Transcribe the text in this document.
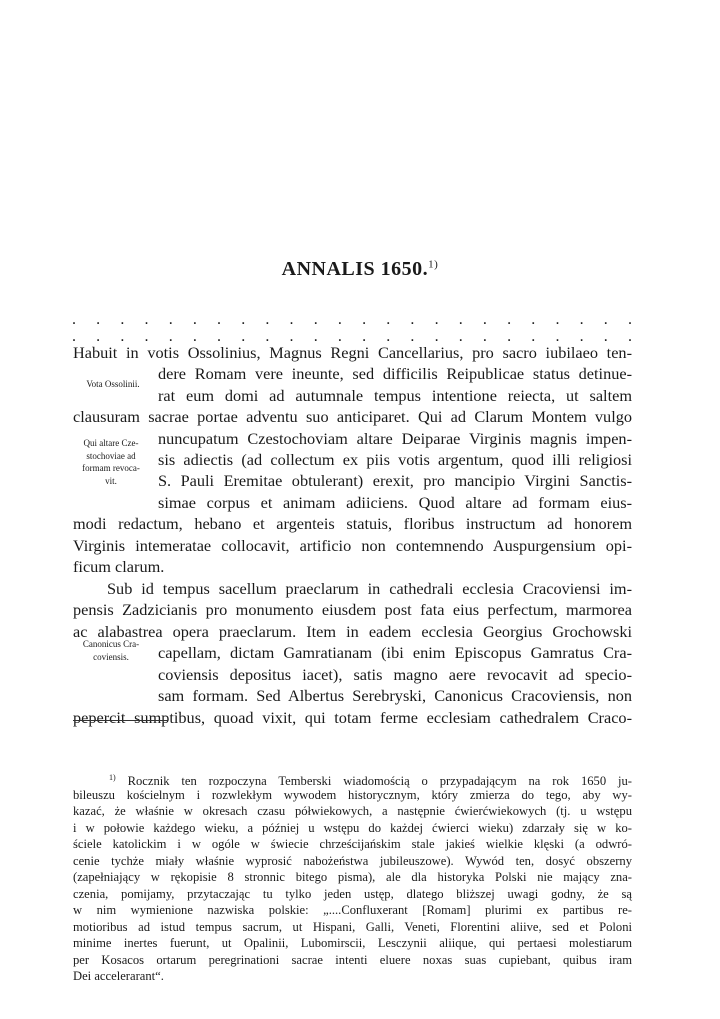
ANNALIS 1650.$^{1)}$
. . . . . . . . . . . . . . . . . . . . . . . .
. . . . . . . . . . . . . . . . . . . . . . . .
Vota Ossolinii.
Qui altare Cze-
stochoviae ad
formam revoca-
vit.
Canonicus Cra-
coviensis.
Habuit in votis Ossolinius, Magnus Regni Cancellarius, pro sacro iubilaeo ten-
dere Romam vere ineunte, sed difficilis Reipublicae status detinue-
rat eum domi ad autumnale tempus intentione reiecta, ut saltem
clausuram sacrae portae adventu suo anticiparet. Qui ad Clarum Montem vulgo
nuncupatum Czestochoviam altare Deiparae Virginis magnis impen-
sis adiectis (ad collectum ex piis votis argentum, quod illi religiosi
S. Pauli Eremitae obtulerant) erexit, pro mancipio Virgini Sanctis-
simae corpus et animam adiiciens. Quod altare ad formam eius-
modi redactum, hebano et argenteis statuis, floribus instructum ad honorem
Virginis intemeratae collocavit, artificio non contemnendo Auspurgensium opi-
ficum clarum.
Sub id tempus sacellum praeclarum in cathedrali ecclesia Cracoviensi im-
pensis Zadzicianis pro monumento eiusdem post fata eius perfectum, marmorea
ac alabastrea opera praeclarum. Item in eadem ecclesia Georgius Grochowski
capellam, dictam Gamratianam (ibi enim Episcopus Gamratus Cra-
coviensis depositus iacet), satis magno aere revocavit ad specio-
sam formam. Sed Albertus Serebryski, Canonicus Cracoviensis, non
pepercit sumptibus, quoad vixit, qui totam ferme ecclesiam cathedralem Craco-
$^{1)}$ Rocznik ten rozpoczyna Temberski wiadomością o przypadającym na rok 1650 ju-
bileuszu kościelnym i rozwlekłym wywodem historycznym, który zmierza do tego, aby wy-
kazać, że właśnie w okresach czasu półwiekowych, a następnie ćwierćwiekowych (tj. u wstępu
i w połowie każdego wieku, a później u wstępu do każdej ćwierci wieku) zdarzały się w ko-
ściele katolickim i w ogóle w świecie chrześcijańskim stale jakieś wielkie klęski (a odwró-
cenie tychże miały właśnie wyprosić nabożeństwa jubileuszowe). Wywód ten, dosyć obszerny
(zapełniający w rękopisie 8 stronnic bitego pisma), ale dla historyka Polski nie mający zna-
czenia, pomijamy, przytaczając tu tylko jeden ustęp, dlatego bliższej uwagi godny, że są
w nim wymienione nazwiska polskie: „....Confluxerant [Romam] plurimi ex partibus re-
motioribus ad istud tempus sacrum, ut Hispani, Galli, Veneti, Florentini aliive, sed et Poloni
minime inertes fuerunt, ut Opalinii, Lubomirscii, Lesczynii aliique, qui pertaesi molestiarum
per Kosacos ortarum peregrinationi sacrae intenti eluere noxas suas cupiebant, quibus iram
Dei accelerarant“.
